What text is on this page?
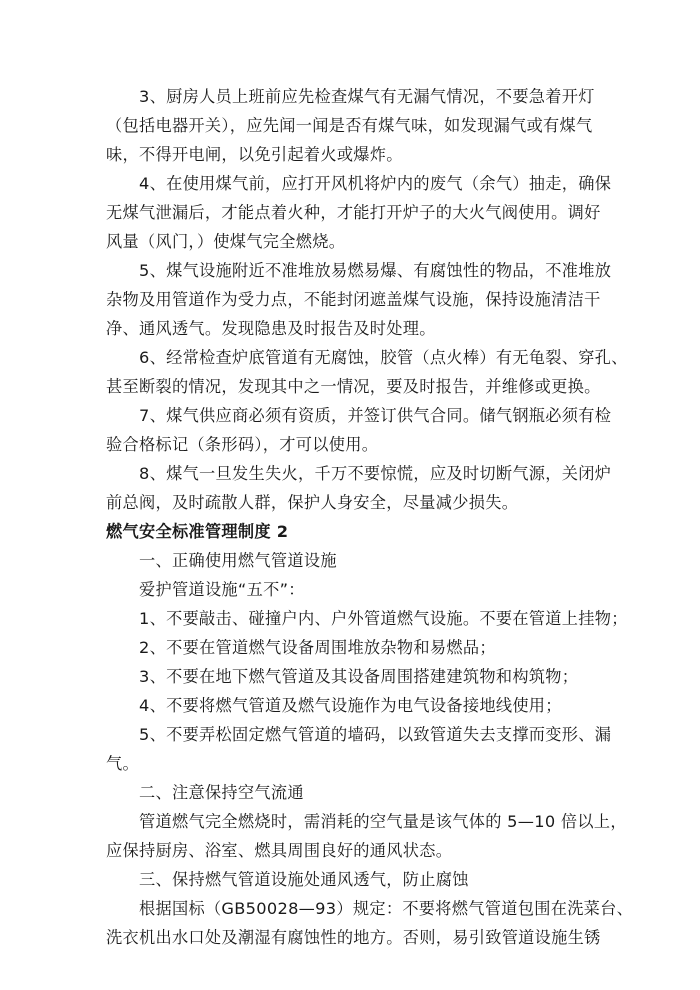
3、厨房人员上班前应先检查煤气有无漏气情况，不要急着开灯
（包括电器开关），应先闻一闻是否有煤气味，如发现漏气或有煤气
味，不得开电闸，以免引起着火或爆炸。
4、在使用煤气前，应打开风机将炉内的废气（余气）抽走，确保
无煤气泄漏后，才能点着火种，才能打开炉子的大火气阀使用。调好
风量（风门，）使煤气完全燃烧。
5、煤气设施附近不准堆放易燃易爆、有腐蚀性的物品，不准堆放
杂物及用管道作为受力点，不能封闭遮盖煤气设施，保持设施清洁干
净、通风透气。发现隐患及时报告及时处理。
6、经常检查炉底管道有无腐蚀，胶管（点火棒）有无龟裂、穿孔、
甚至断裂的情况，发现其中之一情况，要及时报告，并维修或更换。
7、煤气供应商必须有资质，并签订供气合同。储气钢瓶必须有检
验合格标记（条形码），才可以使用。
8、煤气一旦发生失火，千万不要惊慌，应及时切断气源，关闭炉
前总阀，及时疏散人群，保护人身安全，尽量减少损失。
燃气安全标准管理制度 2
一、正确使用燃气管道设施
爱护管道设施“五不”：
1、不要敲击、碰撞户内、户外管道燃气设施。不要在管道上挂物；
2、不要在管道燃气设备周围堆放杂物和易燃品；
3、不要在地下燃气管道及其设备周围搭建建筑物和构筑物；
4、不要将燃气管道及燃气设施作为电气设备接地线使用；
5、不要弄松固定燃气管道的墙码，以致管道失去支撑而变形、漏
气。
二、注意保持空气流通
管道燃气完全燃烧时，需消耗的空气量是该气体的 5—10 倍以上，
应保持厨房、浴室、燃具周围良好的通风状态。
三、保持燃气管道设施处通风透气，防止腐蚀
根据国标（GB50028—93）规定：不要将燃气管道包围在洗菜台、
洗衣机出水口处及潮湿有腐蚀性的地方。否则，易引致管道设施生锈
